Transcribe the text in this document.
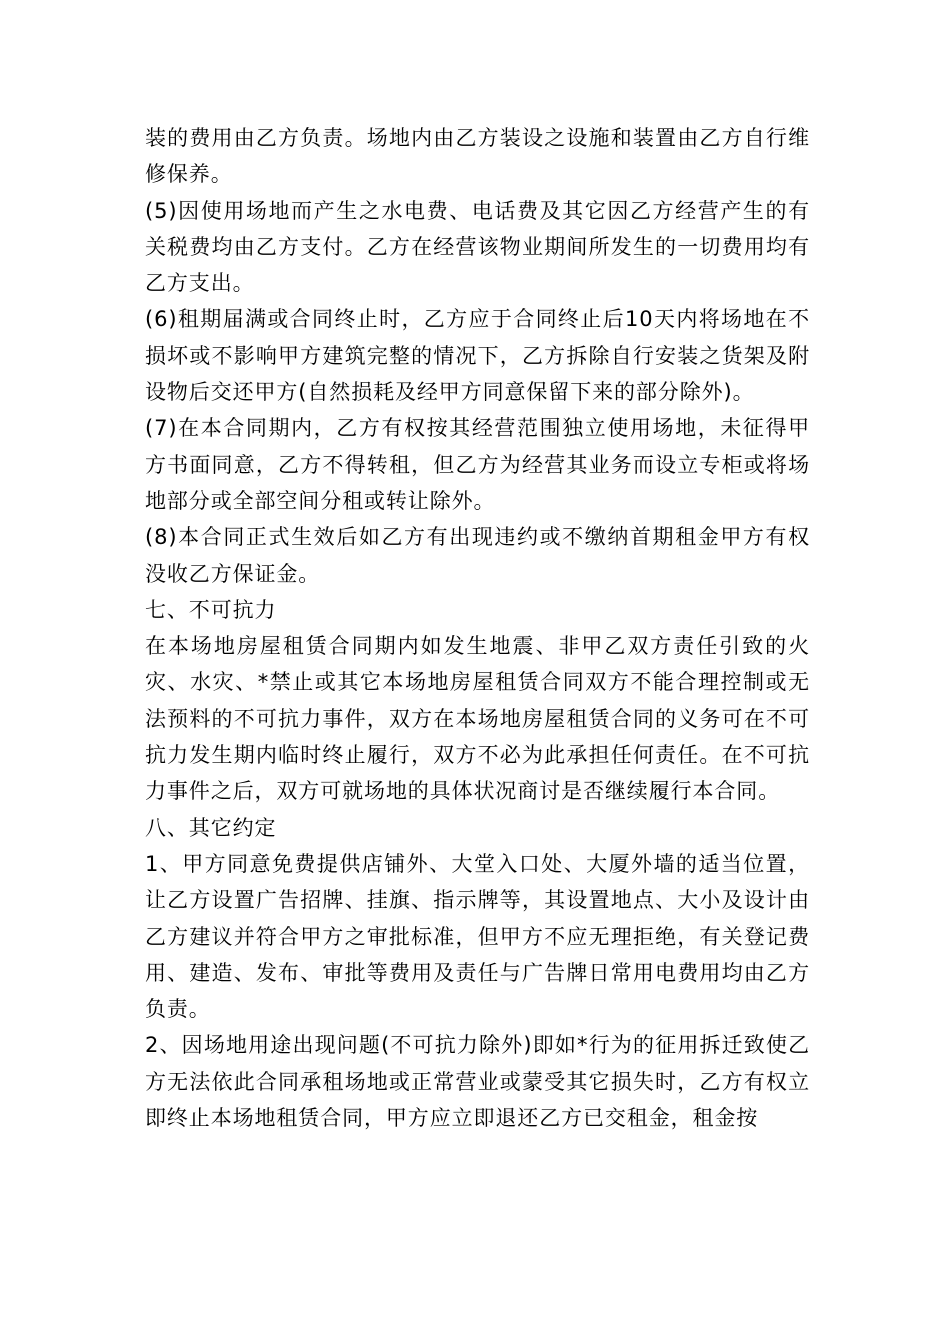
装的费用由乙方负责。场地内由乙方装设之设施和装置由乙方自行维修保养。

(5)因使用场地而产生之水电费、电话费及其它因乙方经营产生的有关税费均由乙方支付。乙方在经营该物业期间所发生的一切费用均有乙方支出。

(6)租期届满或合同终止时，乙方应于合同终止后10天内将场地在不损坏或不影响甲方建筑完整的情况下，乙方拆除自行安装之货架及附设物后交还甲方(自然损耗及经甲方同意保留下来的部分除外)。

(7)在本合同期内，乙方有权按其经营范围独立使用场地，未征得甲方书面同意，乙方不得转租，但乙方为经营其业务而设立专柜或将场地部分或全部空间分租或转让除外。

(8)本合同正式生效后如乙方有出现违约或不缴纳首期租金甲方有权没收乙方保证金。

七、不可抗力

在本场地房屋租赁合同期内如发生地震、非甲乙双方责任引致的火灾、水灾、*禁止或其它本场地房屋租赁合同双方不能合理控制或无法预料的不可抗力事件，双方在本场地房屋租赁合同的义务可在不可抗力发生期内临时终止履行，双方不必为此承担任何责任。在不可抗力事件之后，双方可就场地的具体状况商讨是否继续履行本合同。

八、其它约定

1、甲方同意免费提供店铺外、大堂入口处、大厦外墙的适当位置，让乙方设置广告招牌、挂旗、指示牌等，其设置地点、大小及设计由乙方建议并符合甲方之审批标准，但甲方不应无理拒绝，有关登记费用、建造、发布、审批等费用及责任与广告牌日常用电费用均由乙方负责。

2、因场地用途出现问题(不可抗力除外)即如*行为的征用拆迁致使乙方无法依此合同承租场地或正常营业或蒙受其它损失时，乙方有权立即终止本场地租赁合同，甲方应立即退还乙方已交租金，租金按
